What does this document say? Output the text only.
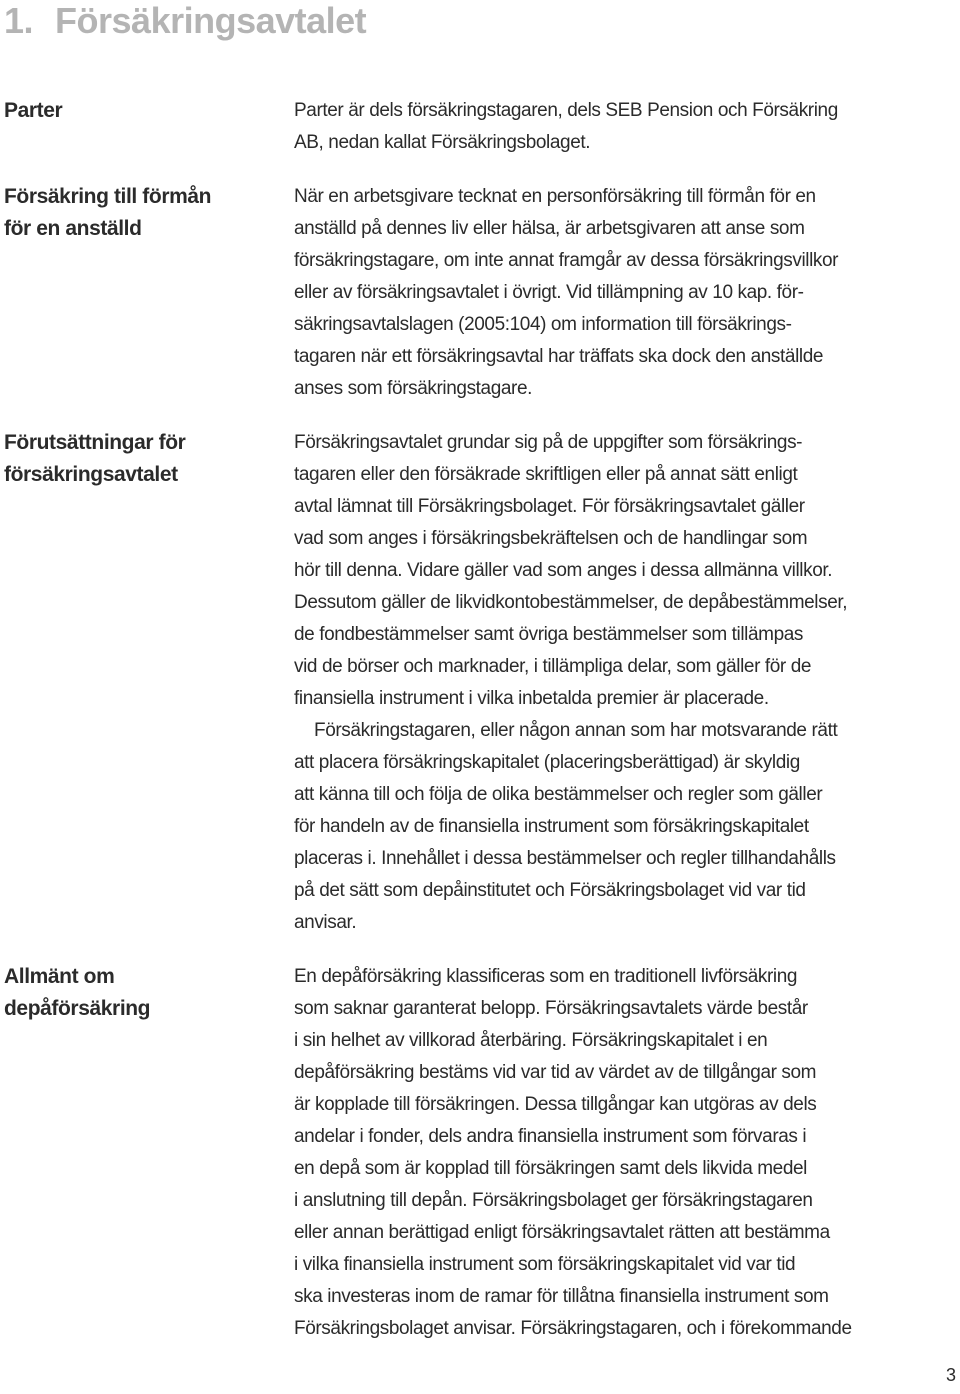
1. Försäkringsavtalet
Parter	Parter är dels försäkringstagaren, dels SEB Pension och Försäkring
AB, nedan kallat Försäkringsbolaget.

Försäkring till förmån
för en anställd

När en arbetsgivare tecknat en personförsäkring till förmån för en
anställd på dennes liv eller hälsa, är arbetsgivaren att anse som
försäkringstagare, om inte annat framgår av dessa försäkringsvillkor
eller av försäkringsavtalet i övrigt. Vid tillämpning av 10 kap. för-
säkringsavtalslagen (2005:104) om information till försäkrings-
tagaren när ett försäkringsavtal har träffats ska dock den anställde
anses som försäkringstagare.

Förutsättningar för
försäkringsavtalet

Försäkringsavtalet grundar sig på de uppgifter som försäkrings-
tagaren eller den försäkrade skriftligen eller på annat sätt enligt
avtal lämnat till Försäkringsbolaget. För försäkringsavtalet gäller
vad som anges i försäkringsbekräftelsen och de handlingar som
hör till denna. Vidare gäller vad som anges i dessa allmänna villkor.
Dessutom gäller de likvidkontobestämmelser, de depåbestämmelser,
de fondbestämmelser samt övriga bestämmelser som tillämpas
vid de börser och marknader, i tillämpliga delar, som gäller för de
finansiella instrument i vilka inbetalda premier är placerade.

Försäkringstagaren, eller någon annan som har motsvarande rätt
att placera försäkringskapitalet (placeringsberättigad) är skyldig
att känna till och följa de olika bestämmelser och regler som gäller
för handeln av de finansiella instrument som försäkringskapitalet
placeras i. Innehållet i dessa bestämmelser och regler tillhandahålls
på det sätt som depåinstitutet och Försäkringsbolaget vid var tid
anvisar.

Allmänt om
depåförsäkring

En depåförsäkring klassificeras som en traditionell livförsäkring
som saknar garanterat belopp. Försäkringsavtalets värde består
i sin helhet av villkorad återbäring. Försäkringskapitalet i en
depåförsäkring bestäms vid var tid av värdet av de tillgångar som
är kopplade till försäkringen. Dessa tillgångar kan utgöras av dels
andelar i fonder, dels andra finansiella instrument som förvaras i
en depå som är kopplad till försäkringen samt dels likvida medel
i anslutning till depån. Försäkringsbolaget ger försäkringstagaren
eller annan berättigad enligt försäkringsavtalet rätten att bestämma
i vilka finansiella instrument som försäkringskapitalet vid var tid
ska investeras inom de ramar för tillåtna finansiella instrument som
Försäkringsbolaget anvisar. Försäkringstagaren, och i förekommande

3
